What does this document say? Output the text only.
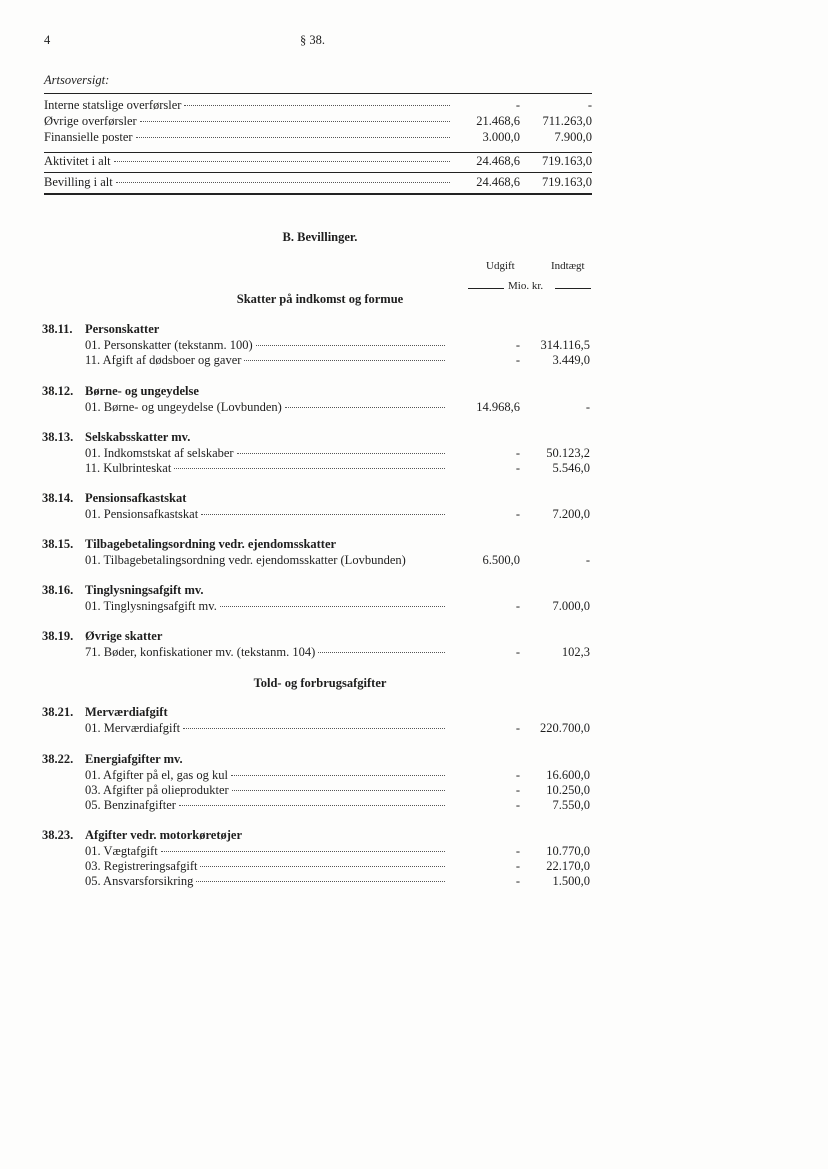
4	§ 38.
Artsoversigt:
Interne statslige overførsler	-	-
Øvrige overførsler	21.468,6	711.263,0
Finansielle poster	3.000,0	7.900,0
Aktivitet i alt	24.468,6	719.163,0
Bevilling i alt	24.468,6	719.163,0
B. Bevillinger.
Udgift	Indtægt
Mio. kr.
Skatter på indkomst og formue
Told- og forbrugsafgifter
38.11. Personskatter
01. Personskatter (tekstanm. 100)	-	314.116,5
11. Afgift af dødsboer og gaver	-	3.449,0
38.12. Børne- og ungeydelse
01. Børne- og ungeydelse (Lovbunden)	14.968,6	-
38.13. Selskabsskatter mv.
01. Indkomstskat af selskaber	-	50.123,2
11. Kulbrinteskat	-	5.546,0
38.14. Pensionsafkastskat
01. Pensionsafkastskat	-	7.200,0
38.15. Tilbagebetalingsordning vedr. ejendomsskatter
01. Tilbagebetalingsordning vedr. ejendomsskatter (Lovbunden)	6.500,0	-
38.16. Tinglysningsafgift mv.
01. Tinglysningsafgift mv.	-	7.000,0
38.19. Øvrige skatter
71. Bøder, konfiskationer mv. (tekstanm. 104)	-	102,3
38.21. Merværdiafgift
01. Merværdiafgift	-	220.700,0
38.22. Energiafgifter mv.
01. Afgifter på el, gas og kul	-	16.600,0
03. Afgifter på olieprodukter	-	10.250,0
05. Benzinafgifter	-	7.550,0
38.23. Afgifter vedr. motorkøretøjer
01. Vægtafgift	-	10.770,0
03. Registreringsafgift	-	22.170,0
05. Ansvarsforsikring	-	1.500,0
